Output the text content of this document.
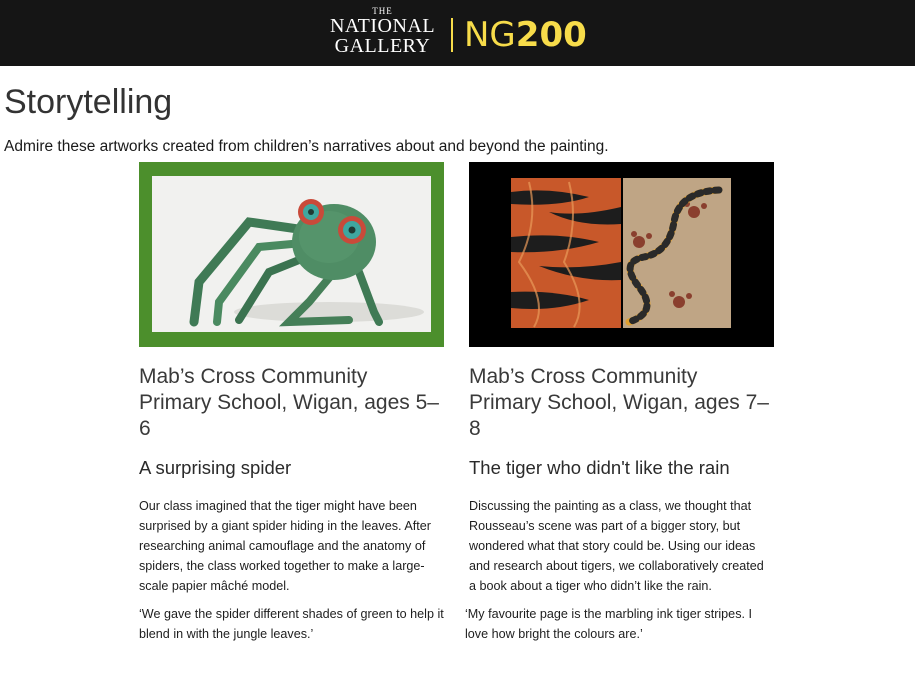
THE
NATIONAL
GALLERY NG200
Storytelling

Admire these artworks created from children’s narratives about and beyond the painting.

Mab’s Cross Community Primary School, Wigan, ages 5–6
A surprising spider

Our class imagined that the tiger might have been surprised by a giant spider hiding in the leaves. After researching animal camouflage and the anatomy of spiders, the class worked together to make a large-scale papier mâché model.

‘We gave the spider different shades of green to help it blend in with the jungle leaves.’

Mab’s Cross Community Primary School, Wigan, ages 7–8
The tiger who didn't like the rain

Discussing the painting as a class, we thought that Rousseau’s scene was part of a bigger story, but wondered what that story could be. Using our ideas and research about tigers, we collaboratively created a book about a tiger who didn’t like the rain.

‘My favourite page is the marbling ink tiger stripes. I love how bright the colours are.’
